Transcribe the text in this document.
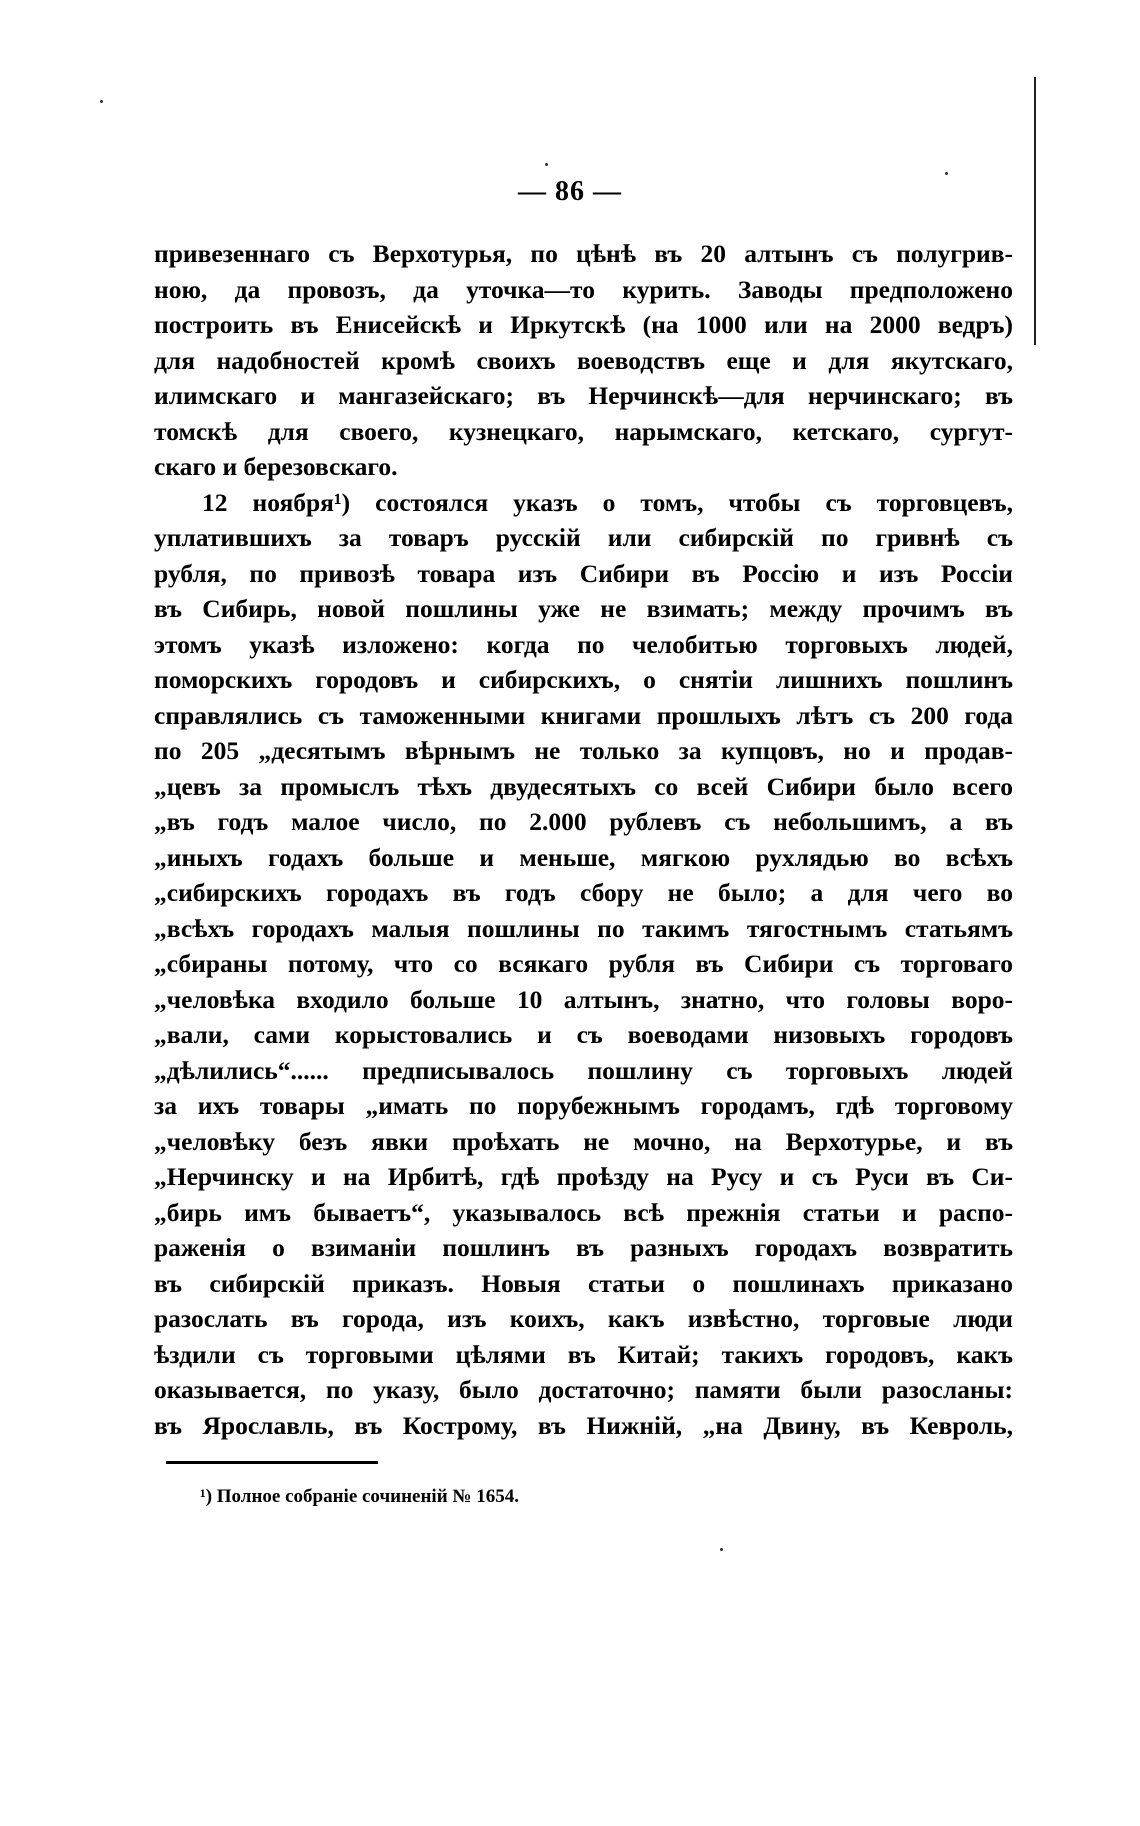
— 86 —
привезеннаго съ Верхотурья, по цѣнѣ въ 20 алтынъ съ полугрив-
ною, да провозъ, да уточка—то курить. Заводы предположено
построить въ Енисейскѣ и Иркутскѣ (на 1000 или на 2000 ведръ)
для надобностей кромѣ своихъ воеводствъ еще и для якутскаго,
илимскаго и мангазейскаго; въ Нерчинскѣ—для нерчинскаго; въ
томскѣ для своего, кузнецкаго, нарымскаго, кетскаго, сургут-
скаго и березовскаго.
12 ноября¹) состоялся указъ о томъ, чтобы съ торговцевъ,
уплатившихъ за товаръ русскій или сибирскій по гривнѣ съ
рубля, по привозѣ товара изъ Сибири въ Россію и изъ Россіи
въ Сибирь, новой пошлины уже не взимать; между прочимъ въ
этомъ указѣ изложено: когда по челобитью торговыхъ людей,
поморскихъ городовъ и сибирскихъ, о снятіи лишнихъ пошлинъ
справлялись съ таможенными книгами прошлыхъ лѣтъ съ 200 года
по 205 „десятымъ вѣрнымъ не только за купцовъ, но и продав-
„цевъ за промыслъ тѣхъ двудесятыхъ со всей Сибири было всего
„въ годъ малое число, по 2.000 рублевъ съ небольшимъ, а въ
„иныхъ годахъ больше и меньше, мягкою рухлядью во всѣхъ
„сибирскихъ городахъ въ годъ сбору не было; а для чего во
„всѣхъ городахъ малыя пошлины по такимъ тягостнымъ статьямъ
„сбираны потому, что со всякаго рубля въ Сибири съ торговаго
„человѣка входило больше 10 алтынъ, знатно, что головы воро-
„вали, сами корыстовались и съ воеводами низовыхъ городовъ
„дѣлились“...... предписывалось пошлину съ торговыхъ людей
за ихъ товары „имать по порубежнымъ городамъ, гдѣ торговому
„человѣку безъ явки проѣхать не мочно, на Верхотурье, и въ
„Нерчинску и на Ирбитѣ, гдѣ проѣзду на Русу и съ Руси въ Си-
„бирь имъ бываетъ“, указывалось всѣ прежнія статьи и распо-
раженія о взиманіи пошлинъ въ разныхъ городахъ возвратить
въ сибирскій приказъ. Новыя статьи о пошлинахъ приказано
разослать въ города, изъ коихъ, какъ извѣстно, торговые люди
ѣздили съ торговыми цѣлями въ Китай; такихъ городовъ, какъ
оказывается, по указу, было достаточно; памяти были разосланы:
въ Ярославль, въ Кострому, въ Нижній, „на Двину, въ Кевроль,
¹) Полное собраніе сочиненій № 1654.
